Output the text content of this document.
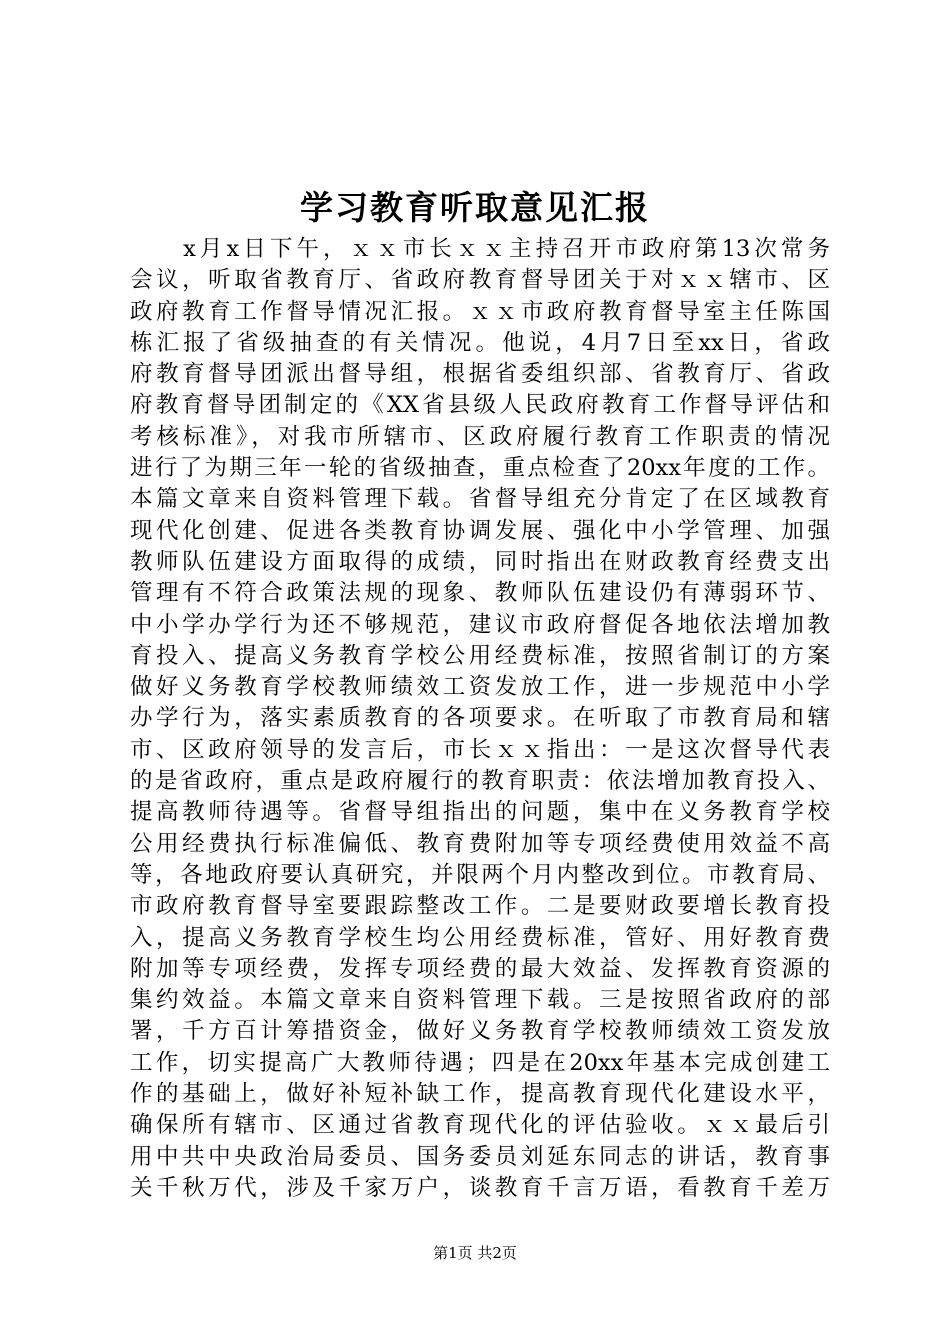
学习教育听取意见汇报
　　x月x日下午，ｘｘ市长ｘｘ主持召开市政府第13次常务
会议，听取省教育厅、省政府教育督导团关于对ｘｘ辖市、区
政府教育工作督导情况汇报。ｘｘ市政府教育督导室主任陈国
栋汇报了省级抽查的有关情况。他说，4月7日至xx日，省政
府教育督导团派出督导组，根据省委组织部、省教育厅、省政
府教育督导团制定的《XX省县级人民政府教育工作督导评估和
考核标准》，对我市所辖市、区政府履行教育工作职责的情况
进行了为期三年一轮的省级抽查，重点检查了20xx年度的工作。
本篇文章来自资料管理下载。省督导组充分肯定了在区域教育
现代化创建、促进各类教育协调发展、强化中小学管理、加强
教师队伍建设方面取得的成绩，同时指出在财政教育经费支出
管理有不符合政策法规的现象、教师队伍建设仍有薄弱环节、
中小学办学行为还不够规范，建议市政府督促各地依法增加教
育投入、提高义务教育学校公用经费标准，按照省制订的方案
做好义务教育学校教师绩效工资发放工作，进一步规范中小学
办学行为，落实素质教育的各项要求。在听取了市教育局和辖
市、区政府领导的发言后，市长ｘｘ指出：一是这次督导代表
的是省政府，重点是政府履行的教育职责：依法增加教育投入、
提高教师待遇等。省督导组指出的问题，集中在义务教育学校
公用经费执行标准偏低、教育费附加等专项经费使用效益不高
等，各地政府要认真研究，并限两个月内整改到位。市教育局、
市政府教育督导室要跟踪整改工作。二是要财政要增长教育投
入，提高义务教育学校生均公用经费标准，管好、用好教育费
附加等专项经费，发挥专项经费的最大效益、发挥教育资源的
集约效益。本篇文章来自资料管理下载。三是按照省政府的部
署，千方百计筹措资金，做好义务教育学校教师绩效工资发放
工作，切实提高广大教师待遇；四是在20xx年基本完成创建工
作的基础上，做好补短补缺工作，提高教育现代化建设水平，
确保所有辖市、区通过省教育现代化的评估验收。ｘｘ最后引
用中共中央政治局委员、国务委员刘延东同志的讲话，教育事
关千秋万代，涉及千家万户，谈教育千言万语，看教育千差万
第1页 共2页
